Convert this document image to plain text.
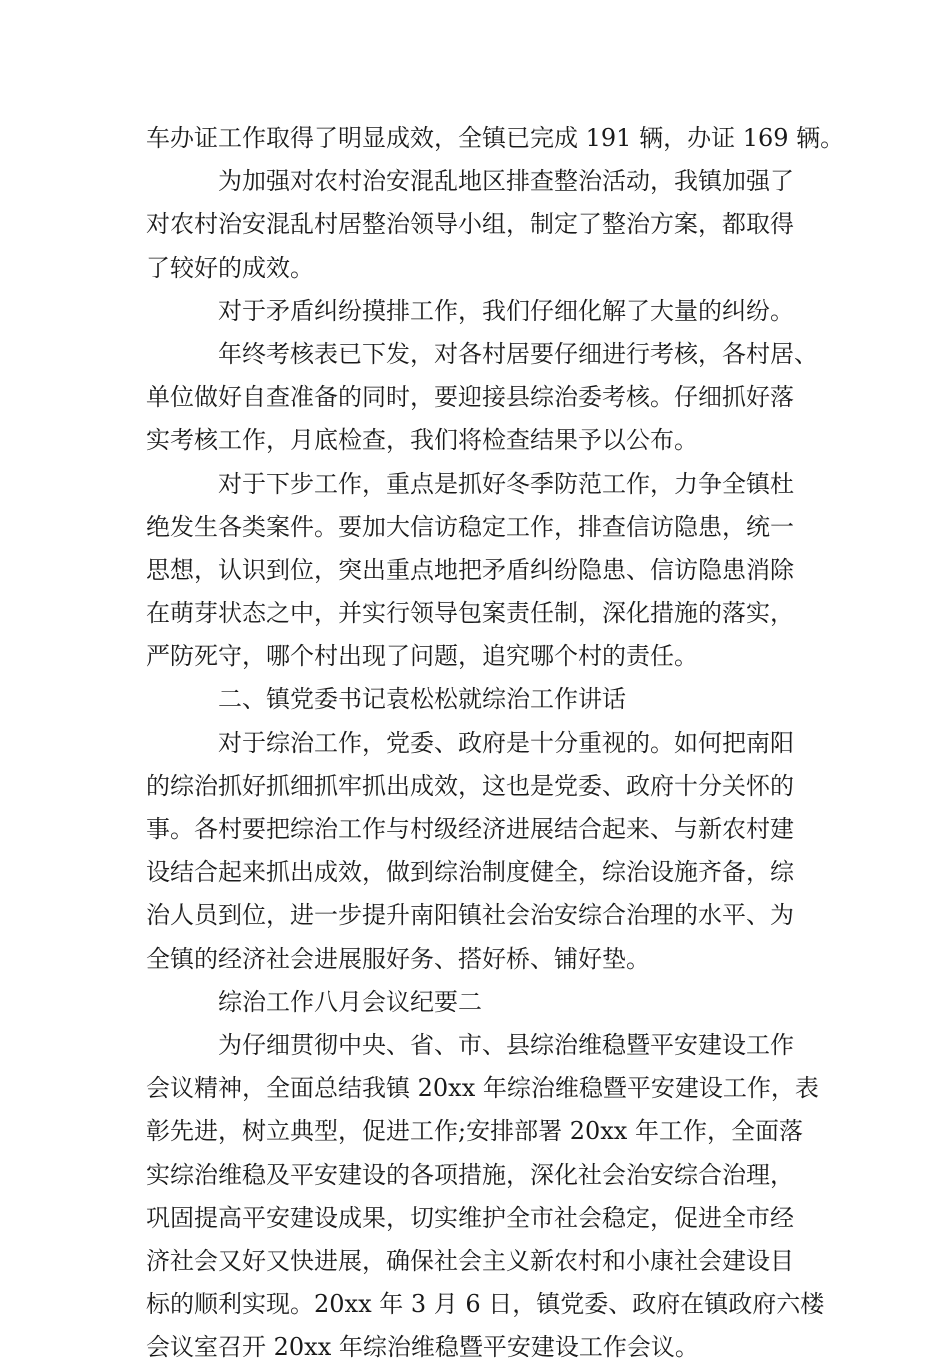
车办证工作取得了明显成效，全镇已完成 191 辆，办证 169 辆。
为加强对农村治安混乱地区排查整治活动，我镇加强了
对农村治安混乱村居整治领导小组，制定了整治方案，都取得
了较好的成效。
对于矛盾纠纷摸排工作，我们仔细化解了大量的纠纷。
年终考核表已下发，对各村居要仔细进行考核，各村居、
单位做好自查准备的同时，要迎接县综治委考核。仔细抓好落
实考核工作，月底检查，我们将检查结果予以公布。
对于下步工作，重点是抓好冬季防范工作，力争全镇杜
绝发生各类案件。要加大信访稳定工作，排查信访隐患，统一
思想，认识到位，突出重点地把矛盾纠纷隐患、信访隐患消除
在萌芽状态之中，并实行领导包案责任制，深化措施的落实，
严防死守，哪个村出现了问题，追究哪个村的责任。
二、镇党委书记袁松松就综治工作讲话
对于综治工作，党委、政府是十分重视的。如何把南阳
的综治抓好抓细抓牢抓出成效，这也是党委、政府十分关怀的
事。各村要把综治工作与村级经济进展结合起来、与新农村建
设结合起来抓出成效，做到综治制度健全，综治设施齐备，综
治人员到位，进一步提升南阳镇社会治安综合治理的水平、为
全镇的经济社会进展服好务、搭好桥、铺好垫。
综治工作八月会议纪要二
为仔细贯彻中央、省、市、县综治维稳暨平安建设工作
会议精神，全面总结我镇 20xx 年综治维稳暨平安建设工作，表
彰先进，树立典型，促进工作;安排部署 20xx 年工作，全面落
实综治维稳及平安建设的各项措施，深化社会治安综合治理，
巩固提高平安建设成果，切实维护全市社会稳定，促进全市经
济社会又好又快进展，确保社会主义新农村和小康社会建设目
标的顺利实现。20xx 年 3 月 6 日，镇党委、政府在镇政府六楼
会议室召开 20xx 年综治维稳暨平安建设工作会议。
